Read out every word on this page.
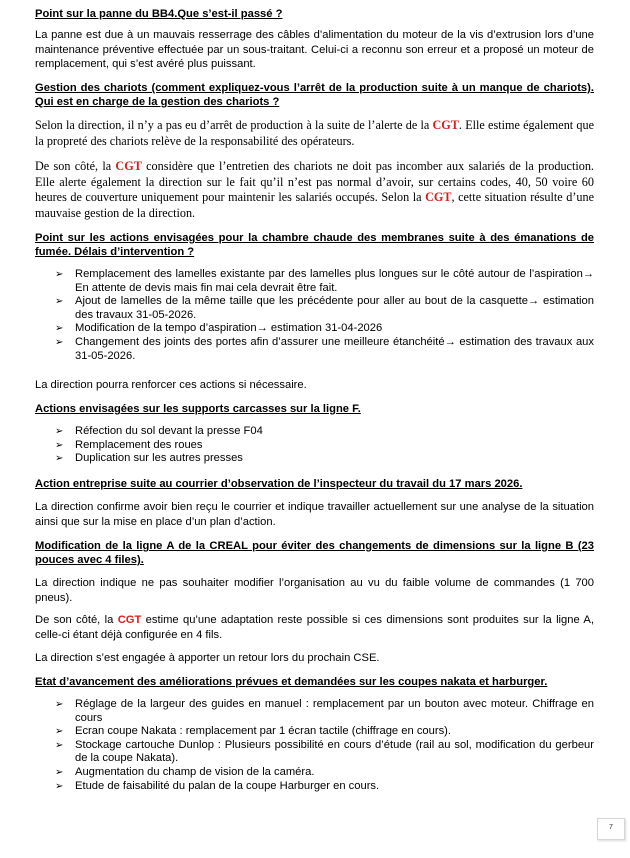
Point sur la panne du BB4.Que s’est-il passé ?
La panne est due à un mauvais resserrage des câbles d’alimentation du moteur de la vis d’extrusion lors d’une maintenance préventive effectuée par un sous-traitant. Celui-ci a reconnu son erreur et a proposé un moteur de remplacement, qui s’est avéré plus puissant.
Gestion des chariots (comment expliquez-vous l’arrêt de la production suite à un manque de chariots). Qui est en charge de la gestion des chariots ?
Selon la direction, il n’y a pas eu d’arrêt de production à la suite de l’alerte de la CGT. Elle estime également que la propreté des chariots relève de la responsabilité des opérateurs.
De son côté, la CGT considère que l’entretien des chariots ne doit pas incomber aux salariés de la production. Elle alerte également la direction sur le fait qu’il n’est pas normal d’avoir, sur certains codes, 40, 50 voire 60 heures de couverture uniquement pour maintenir les salariés occupés. Selon la CGT, cette situation résulte d’une mauvaise gestion de la direction.
Point sur les actions envisagées pour la chambre chaude des membranes suite à des émanations de fumée. Délais d’intervention ?
➢ Remplacement des lamelles existante par des lamelles plus longues sur le côté autour de l’aspiration→ En attente de devis mais fin mai cela devrait être fait.
➢ Ajout de lamelles de la même taille que les précédente pour aller au bout de la casquette→ estimation des travaux 31-05-2026.
➢ Modification de la tempo d’aspiration→ estimation 31-04-2026
➢ Changement des joints des portes afin d’assurer une meilleure étanchéité→ estimation des travaux aux 31-05-2026.
La direction pourra renforcer ces actions si nécessaire.
Actions envisagées sur les supports carcasses sur la ligne F.
➢ Réfection du sol devant la presse F04
➢ Remplacement des roues
➢ Duplication sur les autres presses
Action entreprise suite au courrier d’observation de l’inspecteur du travail du 17 mars 2026.
La direction confirme avoir bien reçu le courrier et indique travailler actuellement sur une analyse de la situation ainsi que sur la mise en place d’un plan d’action.
Modification de la ligne A de la CREAL pour éviter des changements de dimensions sur la ligne B (23 pouces avec 4 files).
La direction indique ne pas souhaiter modifier l’organisation au vu du faible volume de commandes (1 700 pneus).
De son côté, la CGT estime qu’une adaptation reste possible si ces dimensions sont produites sur la ligne A, celle-ci étant déjà configurée en 4 fils.
La direction s’est engagée à apporter un retour lors du prochain CSE.
Etat d’avancement des améliorations prévues et demandées sur les coupes nakata et harburger.
➢ Réglage de la largeur des guides en manuel : remplacement par un bouton avec moteur. Chiffrage en cours
➢ Ecran coupe Nakata : remplacement par 1 écran tactile (chiffrage en cours).
➢ Stockage cartouche Dunlop : Plusieurs possibilité en cours d’étude (rail au sol, modification du gerbeur de la coupe Nakata).
➢ Augmentation du champ de vision de la caméra.
➢ Etude de faisabilité du palan de la coupe Harburger en cours.
7
